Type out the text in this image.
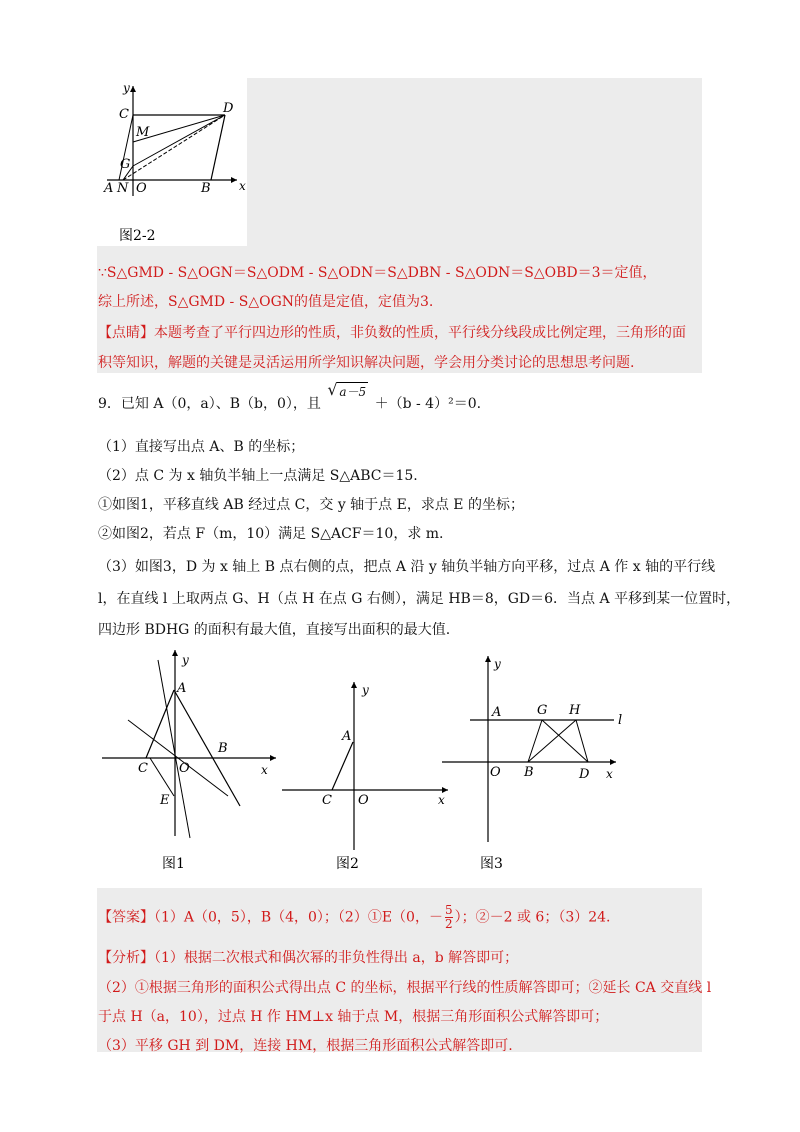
y
x
C	D
M
G
A N O	B
图2-2
∵S△GMD - S△OGN＝S△ODM - S△ODN＝S△DBN - S△ODN＝S△OBD＝3＝定值，
综上所述，S△GMD - S△OGN的值是定值，定值为3.
【点睛】本题考查了平行四边形的性质，非负数的性质，平行线分线段成比例定理，三角形的面
积等知识，解题的关键是灵活运用所学知识解决问题，学会用分类讨论的思想思考问题.
9．已知 A（0，a）、B（b，0），且
√ a－5 ＋（b - 4）²＝0.
（1）直接写出点 A、B 的坐标；
（2）点 C 为 x 轴负半轴上一点满足 S△ABC＝15.
①如图1，平移直线 AB 经过点 C，交 y 轴于点 E，求点 E 的坐标；
②如图2，若点 F（m，10）满足 S△ACF＝10，求 m.
（3）如图3，D 为 x 轴上 B 点右侧的点，把点 A 沿 y 轴负半轴方向平移，过点 A 作 x 轴的平行线
l，在直线 l 上取两点 G、H（点 H 在点 G 右侧），满足 HB＝8，GD＝6．当点 A 平移到某一位置时，
四边形 BDHG 的面积有最大值，直接写出面积的最大值.
y
x
A
B
C O
E
图1
y
x
A
C O
图2
y
x
A	G H
l
O B	D
图3
【答案】（1）A（0，5），B（4，0）；（2）①E（0，－ $\frac{5}{2}$ ）；②－2 或 6；（3）24.
【分析】（1）根据二次根式和偶次幂的非负性得出 a，b 解答即可；
（2）①根据三角形的面积公式得出点 C 的坐标，根据平行线的性质解答即可；②延长 CA 交直线 l
于点 H（a，10），过点 H 作 HM⊥x 轴于点 M，根据三角形面积公式解答即可；
（3）平移 GH 到 DM，连接 HM，根据三角形面积公式解答即可.
